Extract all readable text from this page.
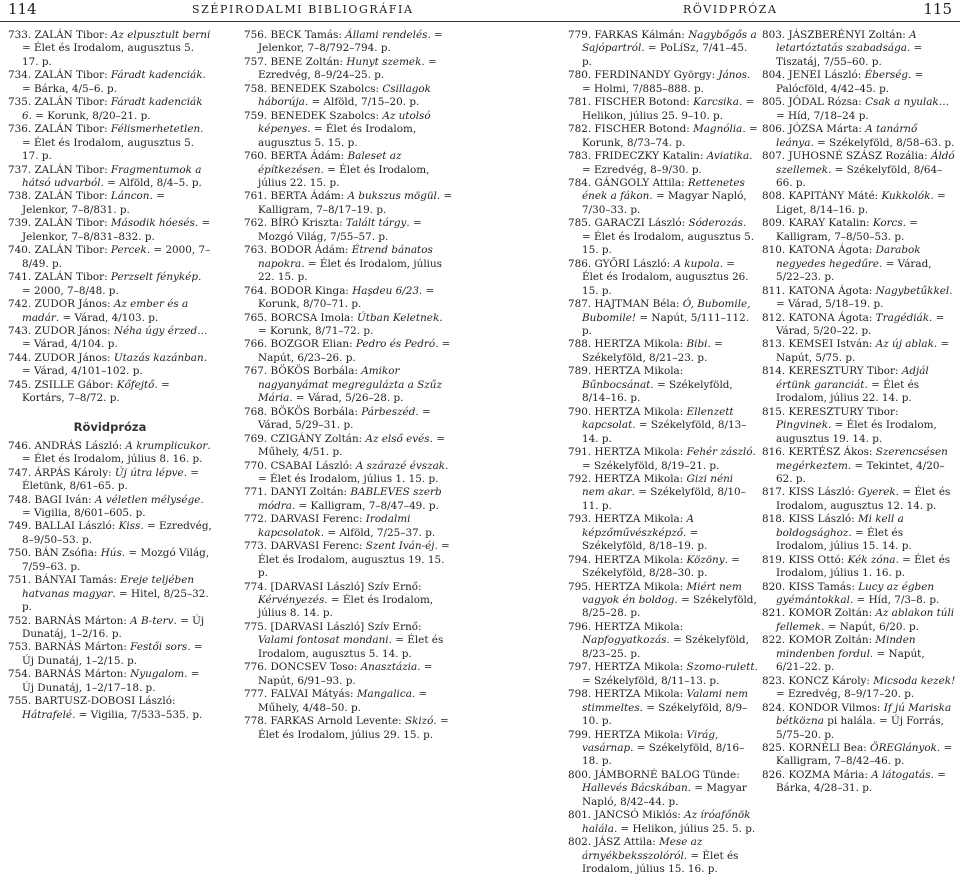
114	SZÉPIRODALMI BIBLIOGRÁFIA	RÖVIDPRÓZA	115

733. ZALÁN Tibor: Az elpusztult berni = Élet és Irodalom, augusztus 5. 17. p.

734. ZALÁN Tibor: Fáradt kadenciák. = Bárka, 4/5–6. p.

735. ZALÁN Tibor: Fáradt kadenciák 6. = Korunk, 8/20–21. p.

736. ZALÁN Tibor: Félismerhetetlen. = Élet és Irodalom, augusztus 5. 17. p.

737. ZALÁN Tibor: Fragmentumok a hátsó udvarból. = Alföld, 8/4–5. p.

738. ZALÁN Tibor: Láncon. = Jelenkor, 7–8/831. p.

739. ZALÁN Tibor: Második hóesés. = Jelenkor, 7–8/831–832. p.

740. ZALÁN Tibor: Percek. = 2000, 7–8/49. p.

741. ZALÁN Tibor: Perzselt fénykép. = 2000, 7–8/48. p.

742. ZUDOR János: Az ember és a madár. = Várad, 4/103. p.

743. ZUDOR János: Néha úgy érzed… = Várad, 4/104. p.

744. ZUDOR János: Utazás kazánban. = Várad, 4/101–102. p.

745. ZSILLE Gábor: Kőfejtő. = Kortárs, 7–8/72. p.

Rövidpróza

746. ANDRÁS László: A krumplicukor. = Élet és Irodalom, július 8. 16. p.

747. ÁRPÁS Károly: Új útra lépve. = Életünk, 8/61–65. p.

748. BAGI Iván: A véletlen mélysége. = Vigilia, 8/601–605. p.

749. BALLAI László: Kiss. = Ezredvég, 8–9/50–53. p.

750. BÁN Zsófia: Hús. = Mozgó Világ, 7/59–63. p.

751. BÁNYAI Tamás: Ereje teljében hatvanas magyar. = Hitel, 8/25–32. p.

752. BARNÁS Márton: A B-terv. = Új Dunatáj, 1–2/16. p.

753. BARNÁS Márton: Festői sors. = Új Dunatáj, 1–2/15. p.

754. BARNÁS Márton: Nyugalom. = Új Dunatáj, 1–2/17–18. p.

755. BARTUSZ-DOBOSI László: Hátrafelé. = Vigilia, 7/533–535. p.

756. BECK Tamás: Állami rendelés. = Jelenkor, 7–8/792–794. p.

757. BENE Zoltán: Hunyt szemek. = Ezredvég, 8–9/24–25. p.

758. BENEDEK Szabolcs: Csillagok háborúja. = Alföld, 7/15–20. p.

759. BENEDEK Szabolcs: Az utolsó képenyes. = Élet és Irodalom, augusztus 5. 15. p.

760. BERTA Ádám: Baleset az építkezésen. = Élet és Irodalom, július 22. 15. p.

761. BERTA Ádám: A bukszus mögül. = Kalligram, 7–8/17–19. p.

762. BÍRÓ Kriszta: Talált tárgy. = Mozgó Világ, 7/55–57. p.

763. BODOR Ádám: Étrend bánatos napokra. = Élet és Irodalom, július 22. 15. p.

764. BODOR Kinga: Haşdeu 6/23. = Korunk, 8/70–71. p.

765. BORCSA Imola: Útban Keletnek. = Korunk, 8/71–72. p.

766. BOZGOR Elian: Pedro és Pedró. = Napút, 6/23–26. p.

767. BÖKÖS Borbála: Amikor nagyanyámat megregulázta a Szűz Mária. = Várad, 5/26–28. p.

768. BÖKÖS Borbála: Párbeszéd. = Várad, 5/29–31. p.

769. CZIGÁNY Zoltán: Az első evés. = Műhely, 4/51. p.

770. CSABAI László: A szárazé évszak. = Élet és Irodalom, július 1. 15. p.

771. DANYI Zoltán: BABLEVES szerb módra. = Kalligram, 7–8/47–49. p.

772. DARVASI Ferenc: Irodalmi kapcsolatok. = Alföld, 7/25–37. p.

773. DARVASI Ferenc: Szent Iván-éj. = Élet és Irodalom, augusztus 19. 15. p.

774. [DARVASI László] Szív Ernő: Kérvényezés. = Élet és Irodalom, július 8. 14. p.

775. [DARVASI László] Szív Ernő: Valami fontosat mondani. = Élet és Irodalom, augusztus 5. 14. p.

776. DONCSEV Toso: Anasztázia. = Napút, 6/91–93. p.

777. FALVAI Mátyás: Mangalica. = Műhely, 4/48–50. p.

778. FARKAS Arnold Levente: Skizó. = Élet és Irodalom, július 29. 15. p.

779. FARKAS Kálmán: Nagybőgős a Sajópartról. = PoLíSz, 7/41–45. p.

780. FERDINANDY György: János. = Holmi, 7/885–888. p.

781. FISCHER Botond: Karcsika. = Helikon, július 25. 9–10. p.

782. FISCHER Botond: Magnólia. = Korunk, 8/73–74. p.

783. FRIDECZKY Katalin: Aviatika. = Ezredvég, 8–9/30. p.

784. GÁNGOLY Attila: Rettenetes ének a fákon. = Magyar Napló, 7/30–33. p.

785. GARACZI László: Sóderozás. = Élet és Irodalom, augusztus 5. 15. p.

786. GYŐRI László: A kupola. = Élet és Irodalom, augusztus 26. 15. p.

787. HAJTMAN Béla: Ó, Bubomile, Bubomile! = Napút, 5/111–112. p.

788. HERTZA Mikola: Bibi. = Székelyföld, 8/21–23. p.

789. HERTZA Mikola: Bűnbocsánat. = Székelyföld, 8/14–16. p.

790. HERTZA Mikola: Ellenzett kapcsolat. = Székelyföld, 8/13–14. p.

791. HERTZA Mikola: Fehér zászló. = Székelyföld, 8/19–21. p.

792. HERTZA Mikola: Gizi néni nem akar. = Székelyföld, 8/10–11. p.

793. HERTZA Mikola: A képzőművészképző. = Székelyföld, 8/18–19. p.

794. HERTZA Mikola: Közöny. = Székelyföld, 8/28–30. p.

795. HERTZA Mikola: Miért nem vagyok én boldog. = Székelyföld, 8/25–28. p.

796. HERTZA Mikola: Napfogyatkozás. = Székelyföld, 8/23–25. p.

797. HERTZA Mikola: Szomo-rulett. = Székelyföld, 8/11–13. p.

798. HERTZA Mikola: Valami nem stimmeltes. = Székelyföld, 8/9–10. p.

799. HERTZA Mikola: Virág, vasárnap. = Székelyföld, 8/16–18. p.

800. JÁMBORNÉ BALOG Tünde: Hallevés Bácskában. = Magyar Napló, 8/42–44. p.

801. JANCSÓ Miklós: Az íróafőnök halála. = Helikon, július 25. 5. p.

802. JÁSZ Attila: Mese az árnyékbeksszolóról. = Élet és Irodalom, július 15. 16. p.

803. JÁSZBERÉNYI Zoltán: A letartóztatás szabadsága. = Tiszatáj, 7/55–60. p.

804. JENEI László: Éberség. = Palócföld, 4/42–45. p.

805. JÓDAL Rózsa: Csak a nyulak… = Híd, 7/18–24 p.

806. JÓZSA Márta: A tanárnő leánya. = Székelyföld, 8/58–63. p.

807. JUHOSNÉ SZÁSZ Rozália: Áldó szellemek. = Székelyföld, 8/64–66. p.

808. KAPITÁNY Máté: Kukkolók. = Liget, 8/14–16. p.

809. KARAY Katalin: Korcs. = Kalligram, 7–8/50–53. p.

810. KATONA Ágota: Darabok negyedes hegedűre. = Várad, 5/22–23. p.

811. KATONA Ágota: Nagybetűkkel. = Várad, 5/18–19. p.

812. KATONA Ágota: Tragédiák. = Várad, 5/20–22. p.

813. KEMSEI István: Az új ablak. = Napút, 5/75. p.

814. KERESZTURY Tibor: Adjál értünk garanciát. = Élet és Irodalom, július 22. 14. p.

815. KERESZTURY Tibor: Pingvinek. = Élet és Irodalom, augusztus 19. 14. p.

816. KERTÉSZ Ákos: Szerencsésen megérkeztem. = Tekintet, 4/20–62. p.

817. KISS László: Gyerek. = Élet és Irodalom, augusztus 12. 14. p.

818. KISS László: Mi kell a boldogsághoz. = Élet és Irodalom, július 15. 14. p.

819. KISS Ottó: Kék zóna. = Élet és Irodalom, július 1. 16. p.

820. KISS Tamás: Lucy az égben gyémántokkal. = Híd, 7/3–8. p.

821. KOMOR Zoltán: Az ablakon túli fellemek. = Napút, 6/20. p.

822. KOMOR Zoltán: Minden mindenben fordul. = Napút, 6/21–22. p.

823. KONCZ Károly: Micsoda kezek! = Ezredvég, 8–9/17–20. p.

824. KONDOR Vilmos: If jú Mariska bétközna pi halála. = Új Forrás, 5/75–20. p.

825. KORNÉLI Bea: ÖREGlányok. = Kalligram, 7–8/42–46. p.

826. KOZMA Mária: A látogatás. = Bárka, 4/28–31. p.
